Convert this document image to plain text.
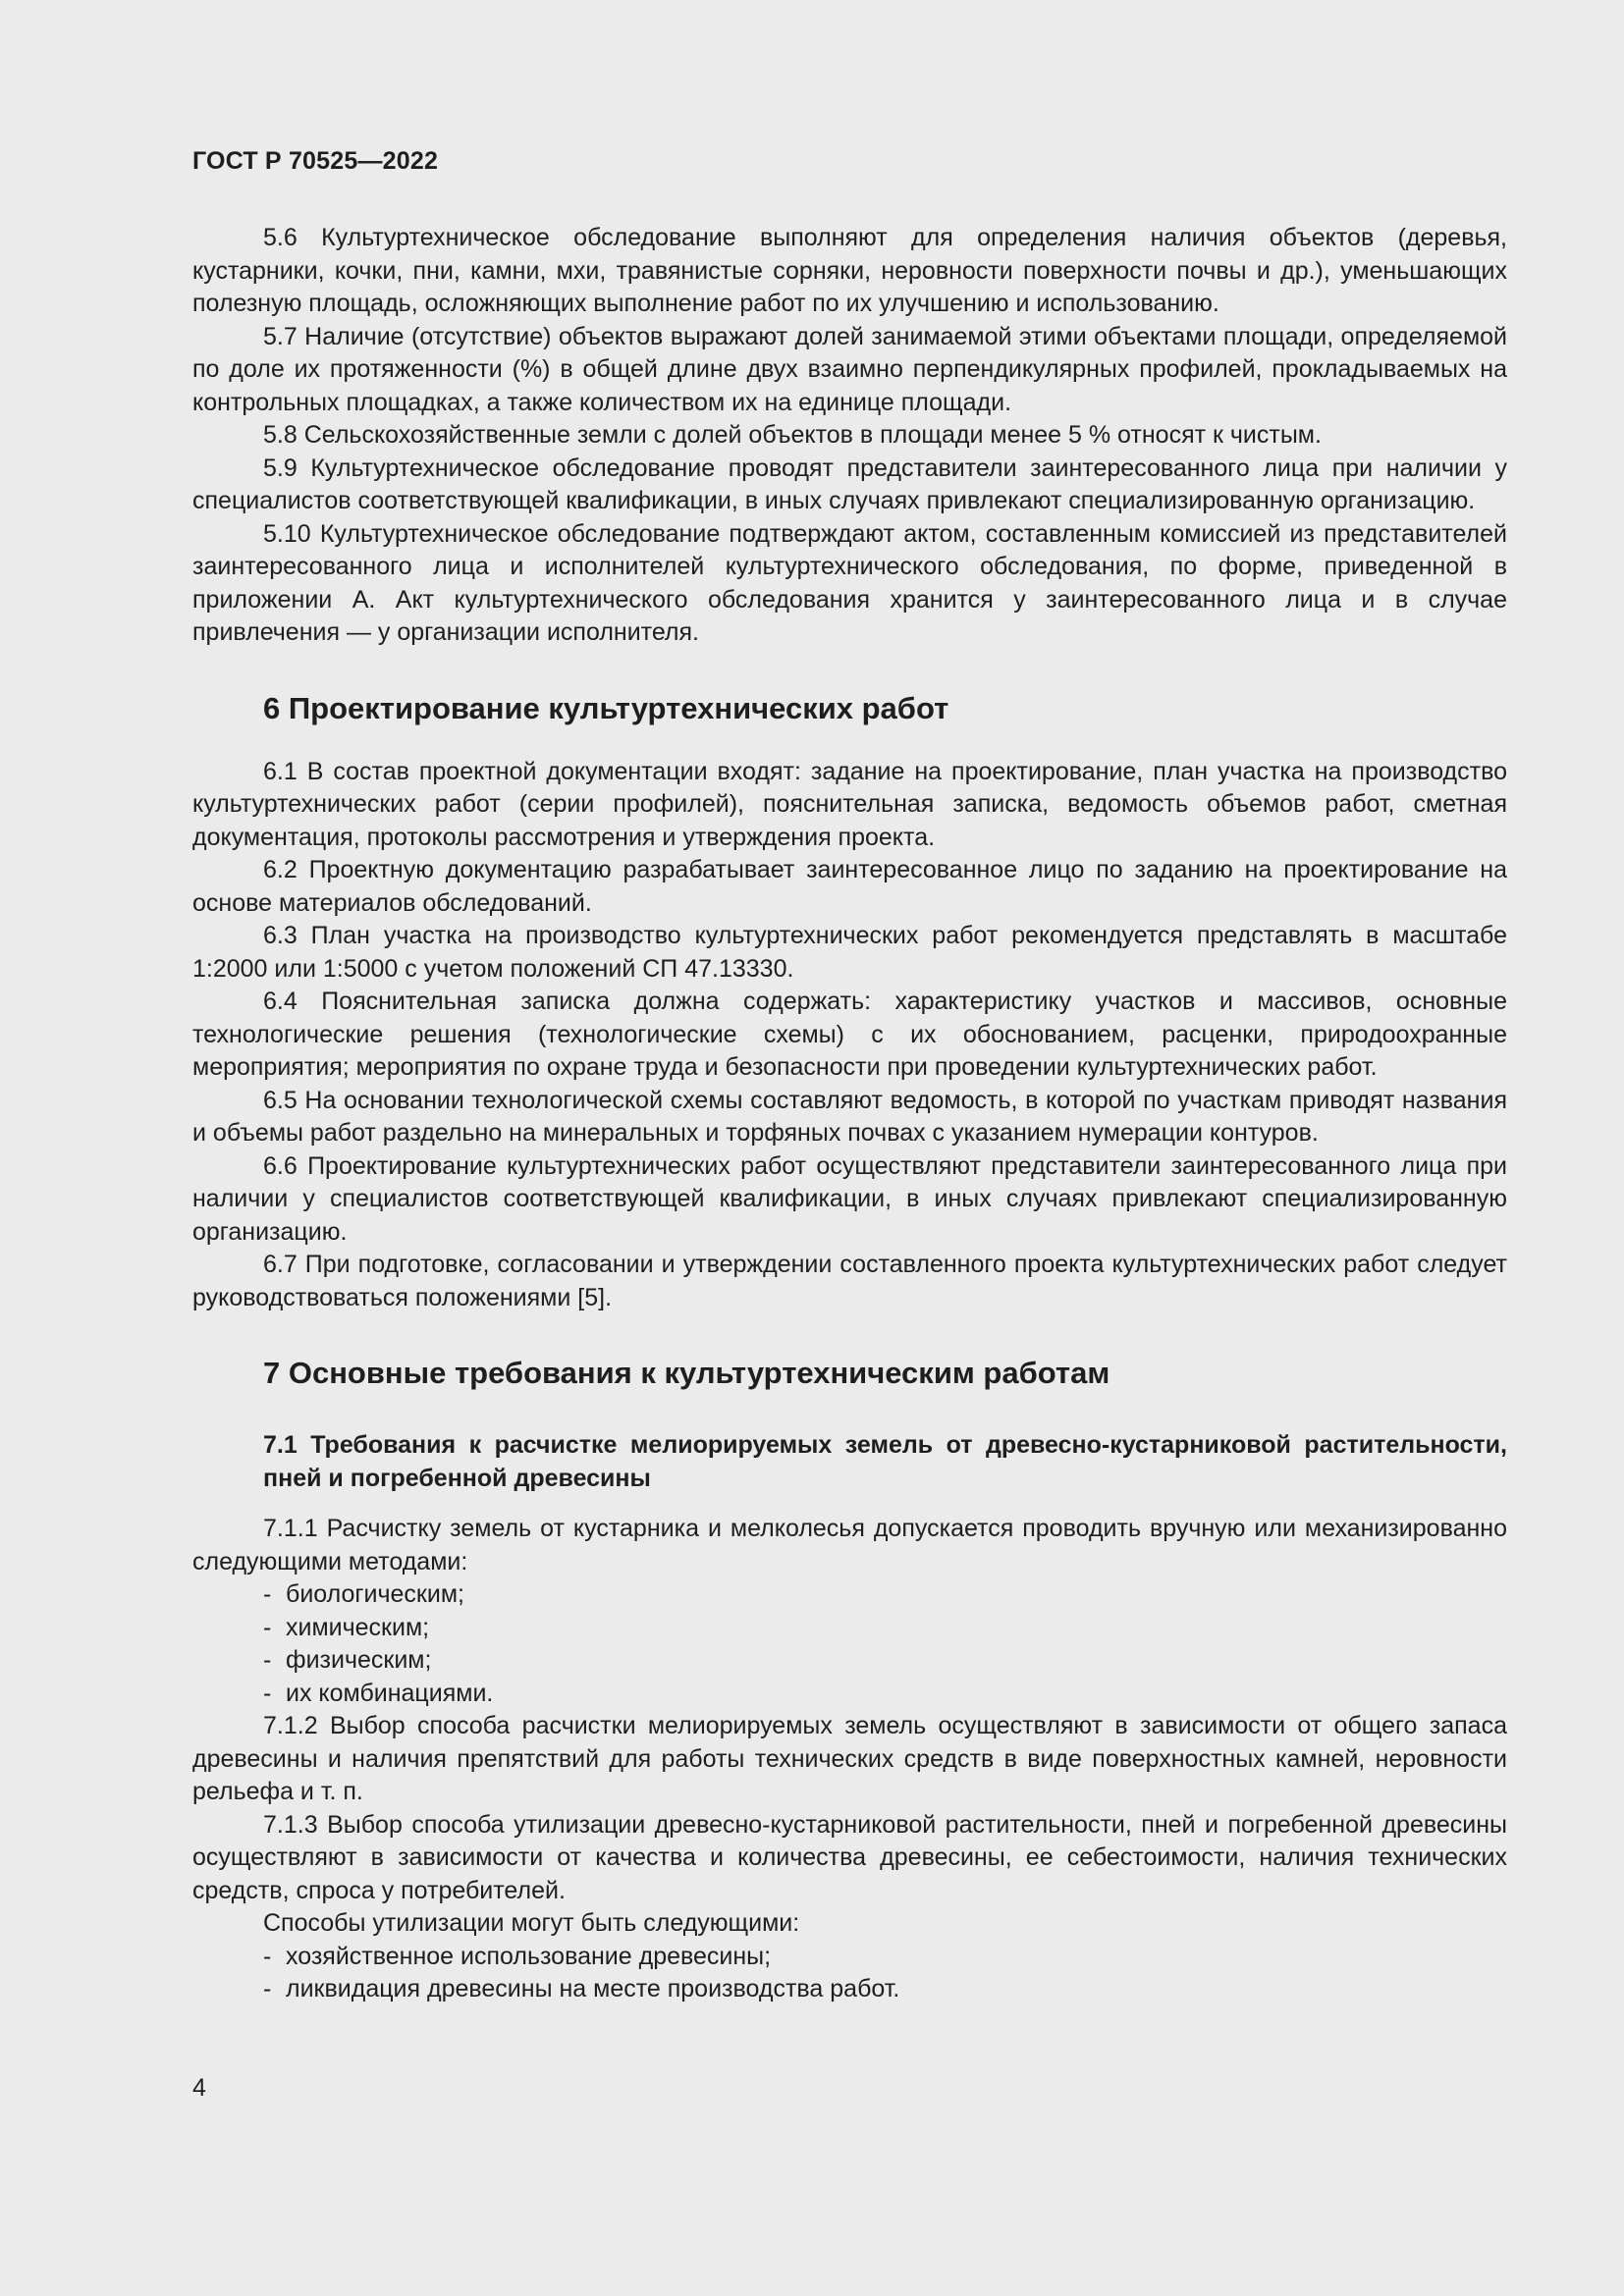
ГОСТ Р 70525—2022

5.6 Культуртехническое обследование выполняют для определения наличия объектов (деревья, кустарники, кочки, пни, камни, мхи, травянистые сорняки, неровности поверхности почвы и др.), уменьшающих полезную площадь, осложняющих выполнение работ по их улучшению и использованию.

5.7 Наличие (отсутствие) объектов выражают долей занимаемой этими объектами площади, определяемой по доле их протяженности (%) в общей длине двух взаимно перпендикулярных профилей, прокладываемых на контрольных площадках, а также количеством их на единице площади.

5.8 Сельскохозяйственные земли с долей объектов в площади менее 5 % относят к чистым.

5.9 Культуртехническое обследование проводят представители заинтересованного лица при наличии у специалистов соответствующей квалификации, в иных случаях привлекают специализированную организацию.

5.10 Культуртехническое обследование подтверждают актом, составленным комиссией из представителей заинтересованного лица и исполнителей культуртехнического обследования, по форме, приведенной в приложении А. Акт культуртехнического обследования хранится у заинтересованного лица и в случае привлечения — у организации исполнителя.

6 Проектирование культуртехнических работ

6.1 В состав проектной документации входят: задание на проектирование, план участка на производство культуртехнических работ (серии профилей), пояснительная записка, ведомость объемов работ, сметная документация, протоколы рассмотрения и утверждения проекта.

6.2 Проектную документацию разрабатывает заинтересованное лицо по заданию на проектирование на основе материалов обследований.

6.3 План участка на производство культуртехнических работ рекомендуется представлять в масштабе 1:2000 или 1:5000 с учетом положений СП 47.13330.

6.4 Пояснительная записка должна содержать: характеристику участков и массивов, основные технологические решения (технологические схемы) с их обоснованием, расценки, природоохранные мероприятия; мероприятия по охране труда и безопасности при проведении культуртехнических работ.

6.5 На основании технологической схемы составляют ведомость, в которой по участкам приводят названия и объемы работ раздельно на минеральных и торфяных почвах с указанием нумерации контуров.

6.6 Проектирование культуртехнических работ осуществляют представители заинтересованного лица при наличии у специалистов соответствующей квалификации, в иных случаях привлекают специализированную организацию.

6.7 При подготовке, согласовании и утверждении составленного проекта культуртехнических работ следует руководствоваться положениями [5].

7 Основные требования к культуртехническим работам
7.1 Требования к расчистке мелиорируемых земель от древесно-кустарниковой растительности, пней и погребенной древесины

7.1.1 Расчистку земель от кустарника и мелколесья допускается проводить вручную или механизированно следующими методами:

- биологическим;

- химическим;

- физическим;

- их комбинациями.

7.1.2 Выбор способа расчистки мелиорируемых земель осуществляют в зависимости от общего запаса древесины и наличия препятствий для работы технических средств в виде поверхностных камней, неровности рельефа и т. п.

7.1.3 Выбор способа утилизации древесно-кустарниковой растительности, пней и погребенной древесины осуществляют в зависимости от качества и количества древесины, ее себестоимости, наличия технических средств, спроса у потребителей.

Способы утилизации могут быть следующими:

- хозяйственное использование древесины;

- ликвидация древесины на месте производства работ.

4
